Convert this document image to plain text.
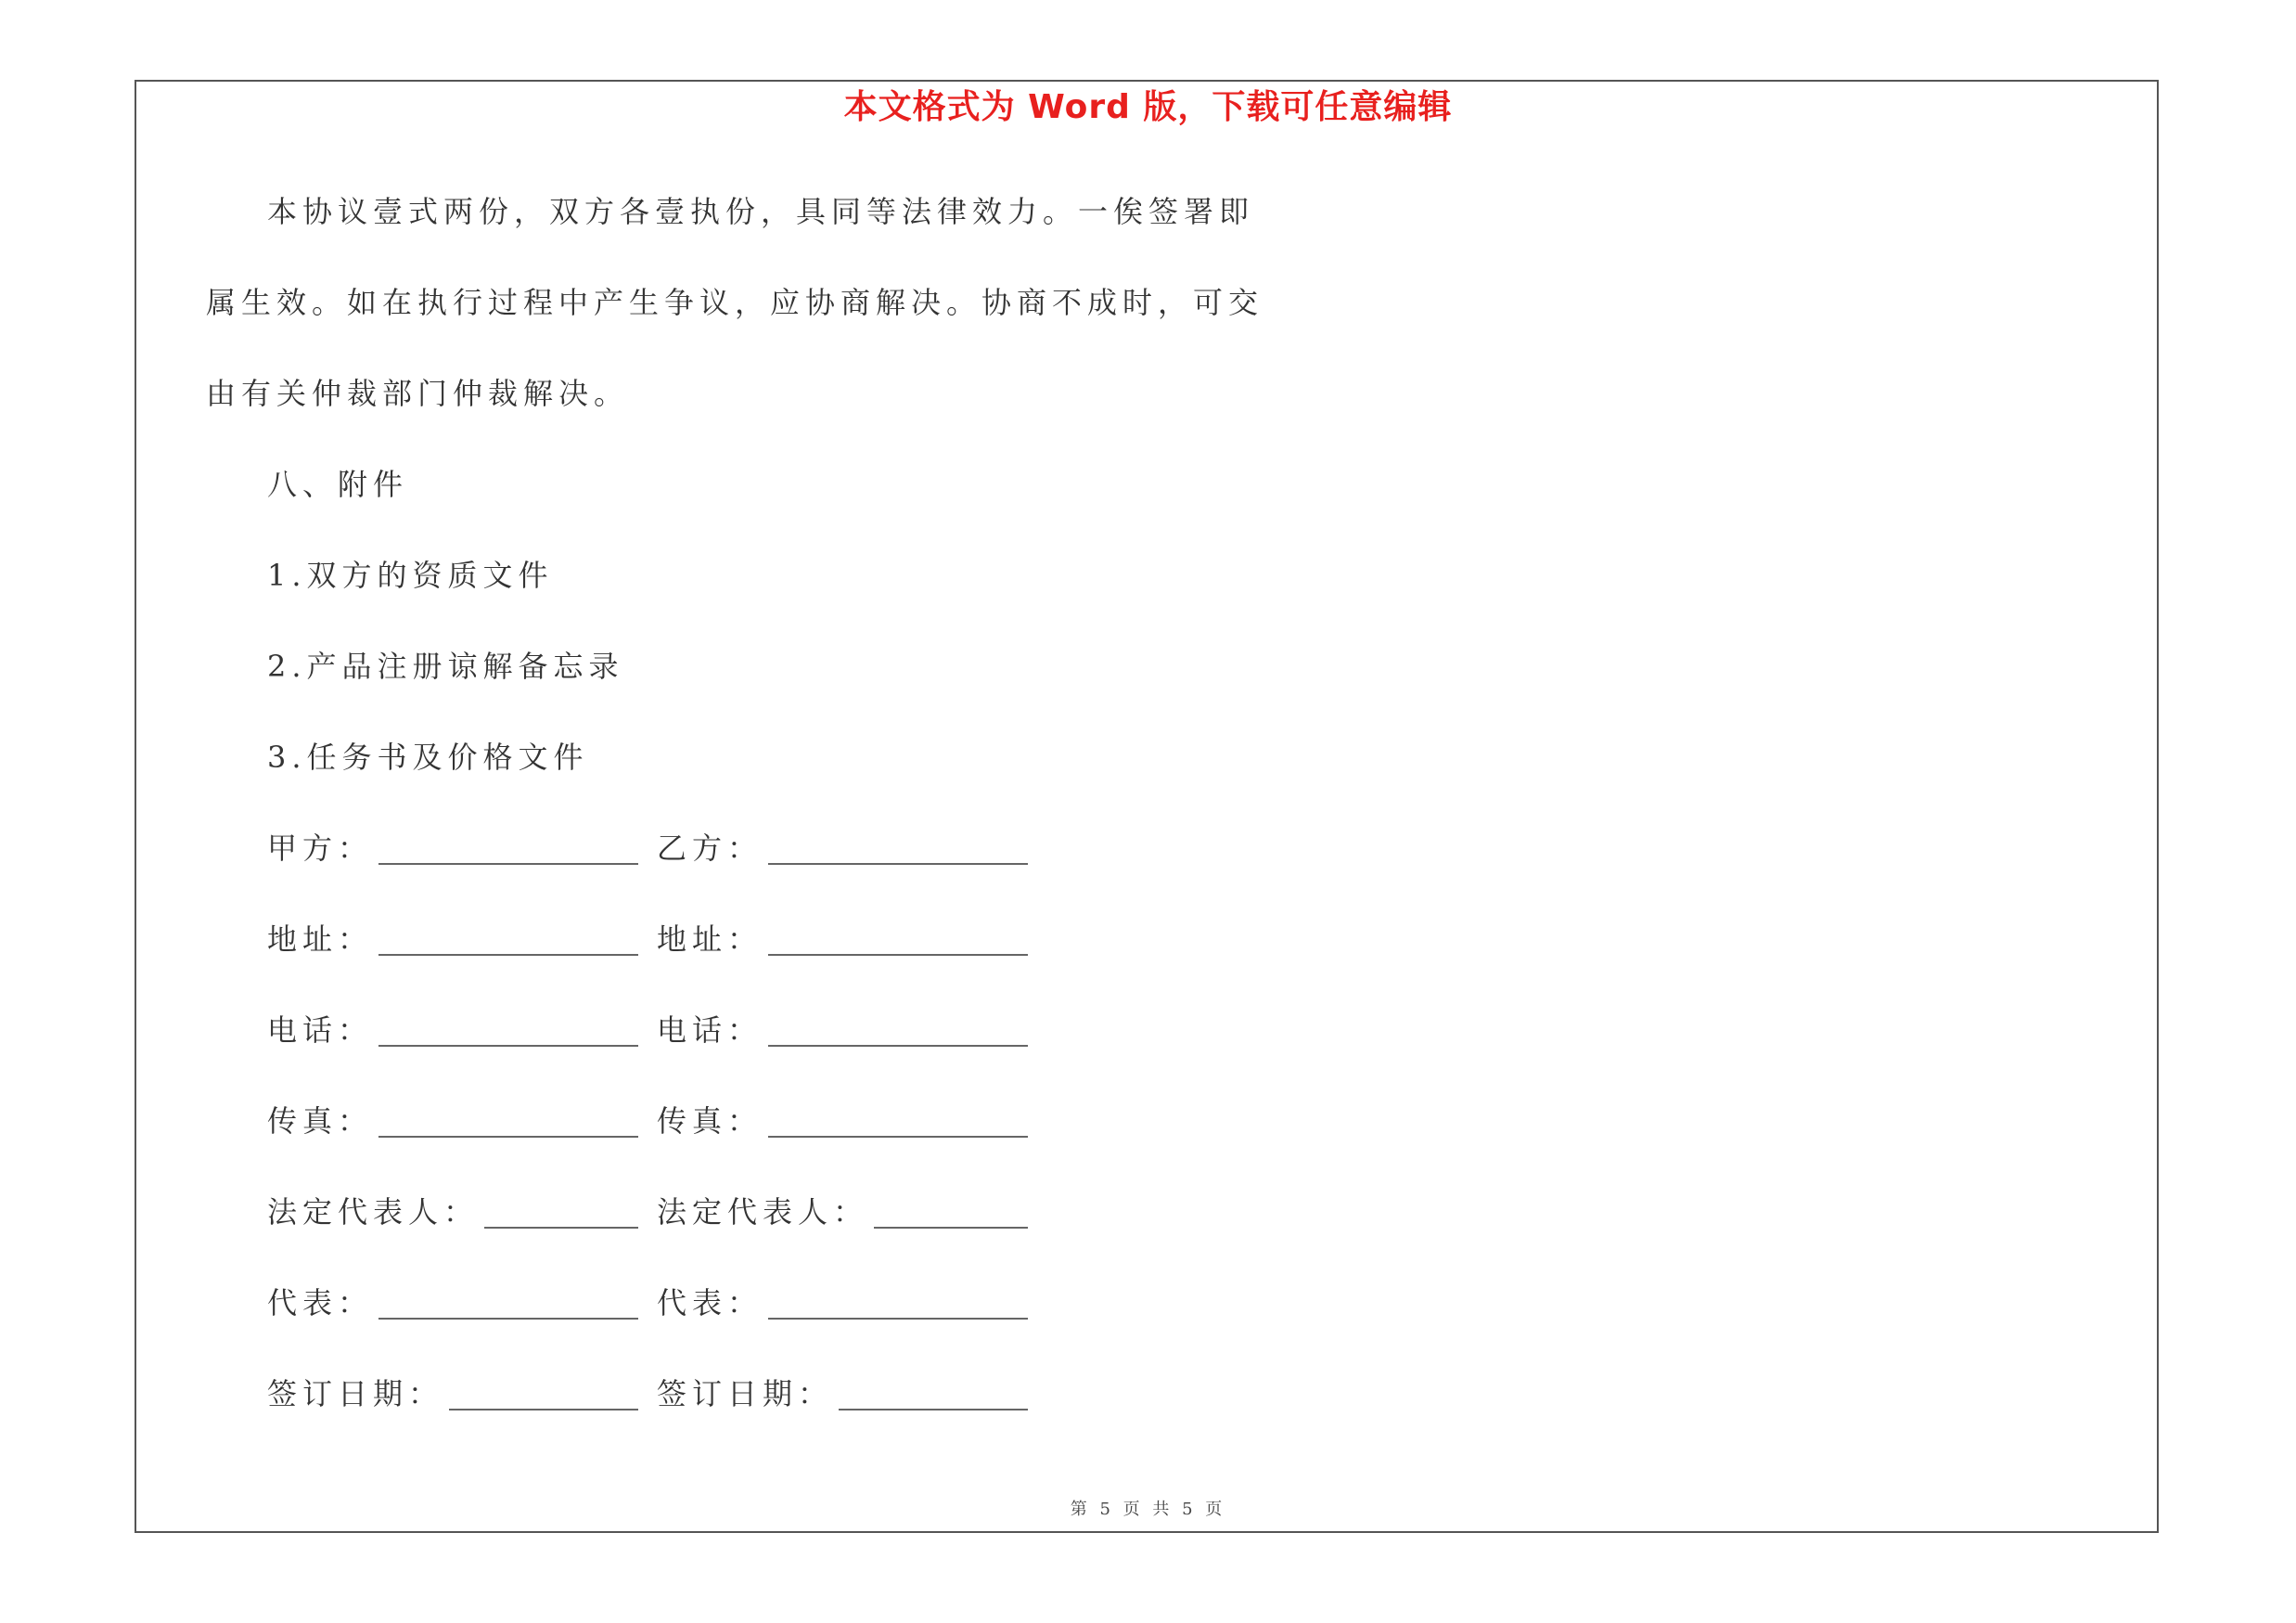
本文格式为 Word 版，下载可任意编辑
本协议壹式两份，双方各壹执份，具同等法律效力。一俟签署即
属生效。如在执行过程中产生争议，应协商解决。协商不成时，可交
由有关仲裁部门仲裁解决。
八、附件
1.双方的资质文件
2.产品注册谅解备忘录
3.任务书及价格文件
甲方：	乙方：
地址：	地址：
电话：	电话：
传真：	传真：
法定代表人：	法定代表人：
代表：	代表：
签订日期：	签订日期：
第 5 页 共 5 页
